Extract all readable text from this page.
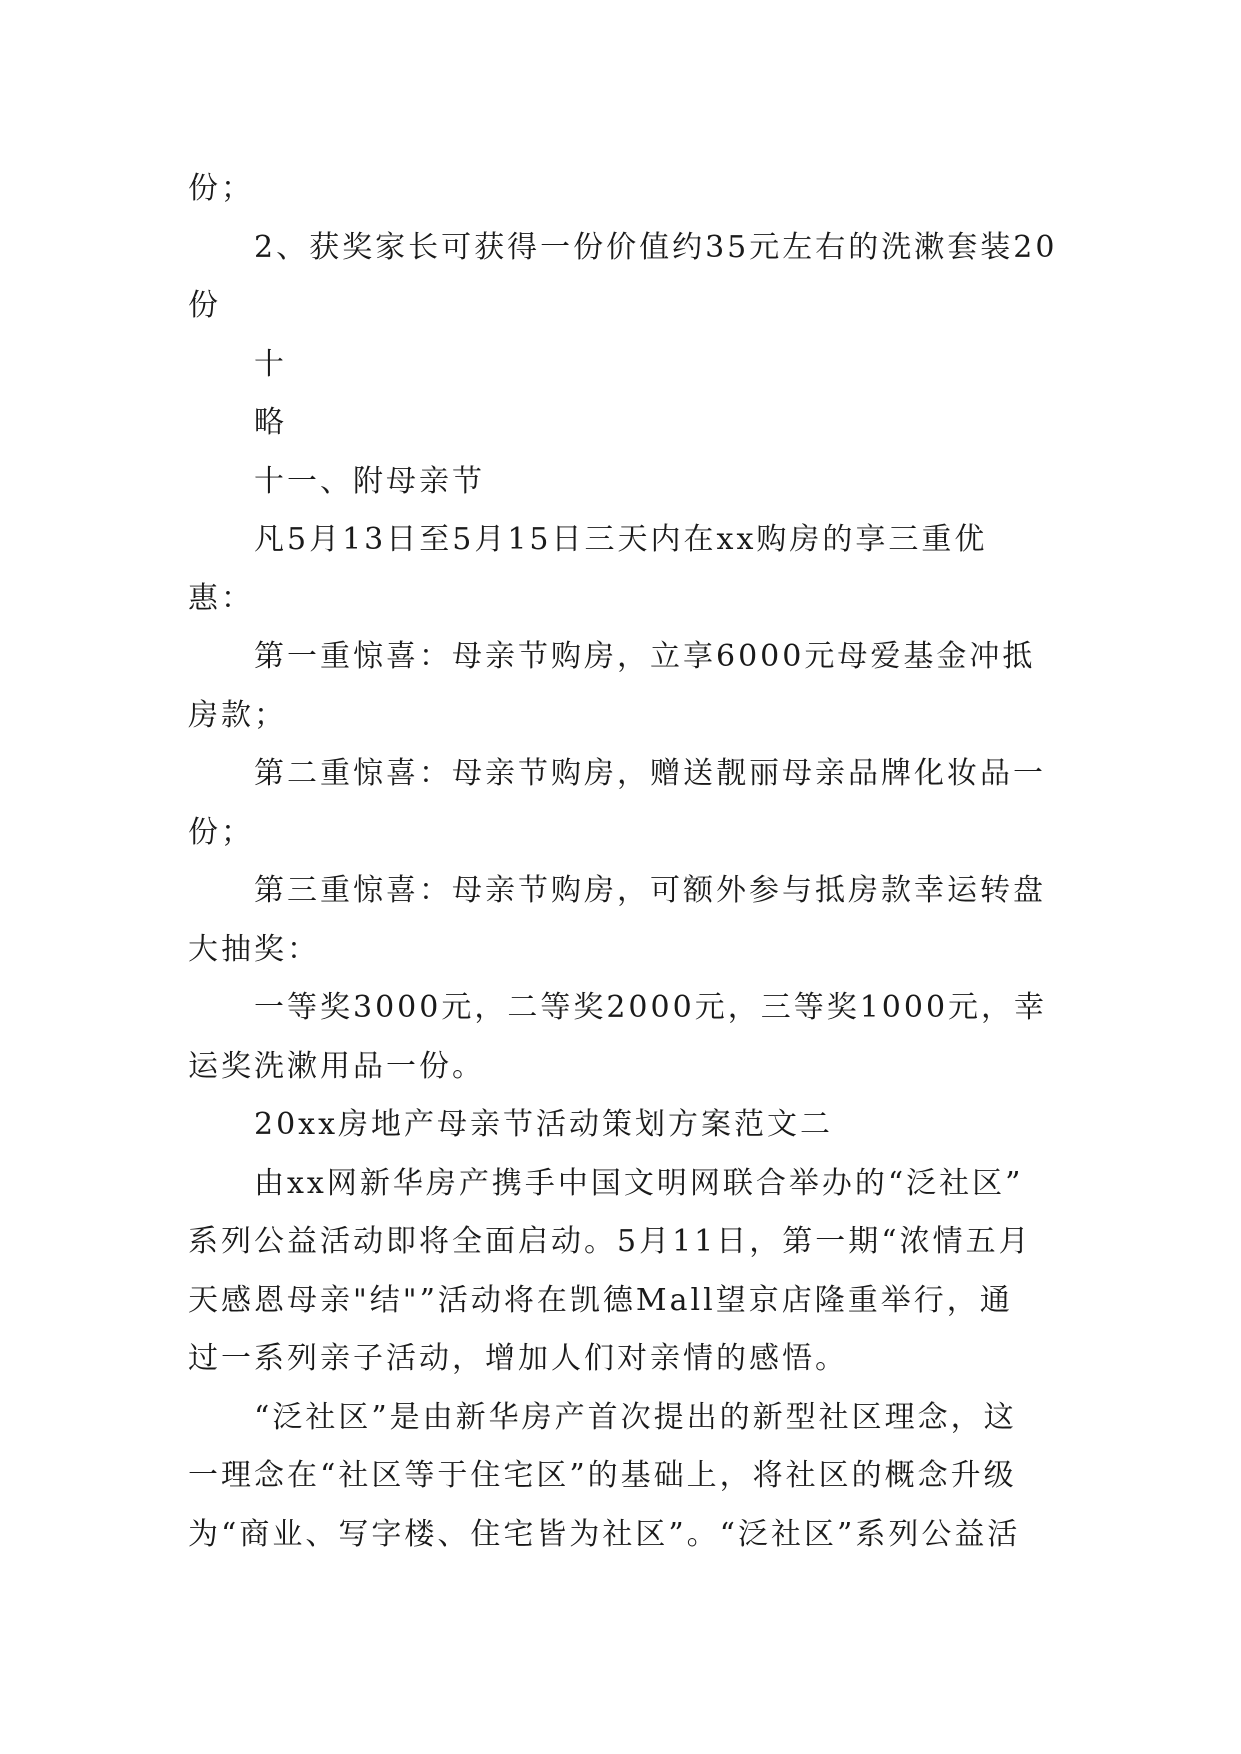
份；
2、获奖家长可获得一份价值约35元左右的洗漱套装20
份
十
略
十一、附母亲节
凡5月13日至5月15日三天内在xx购房的享三重优
惠：
第一重惊喜：母亲节购房，立享6000元母爱基金冲抵
房款；
第二重惊喜：母亲节购房，赠送靓丽母亲品牌化妆品一
份；
第三重惊喜：母亲节购房，可额外参与抵房款幸运转盘
大抽奖：
一等奖3000元，二等奖2000元，三等奖1000元，幸
运奖洗漱用品一份。
20xx房地产母亲节活动策划方案范文二
由xx网新华房产携手中国文明网联合举办的“泛社区”
系列公益活动即将全面启动。5月11日，第一期“浓情五月
天感恩母亲"结"”活动将在凯德Mall望京店隆重举行，通
过一系列亲子活动，增加人们对亲情的感悟。
“泛社区”是由新华房产首次提出的新型社区理念，这
一理念在“社区等于住宅区”的基础上，将社区的概念升级
为“商业、写字楼、住宅皆为社区”。“泛社区”系列公益活
